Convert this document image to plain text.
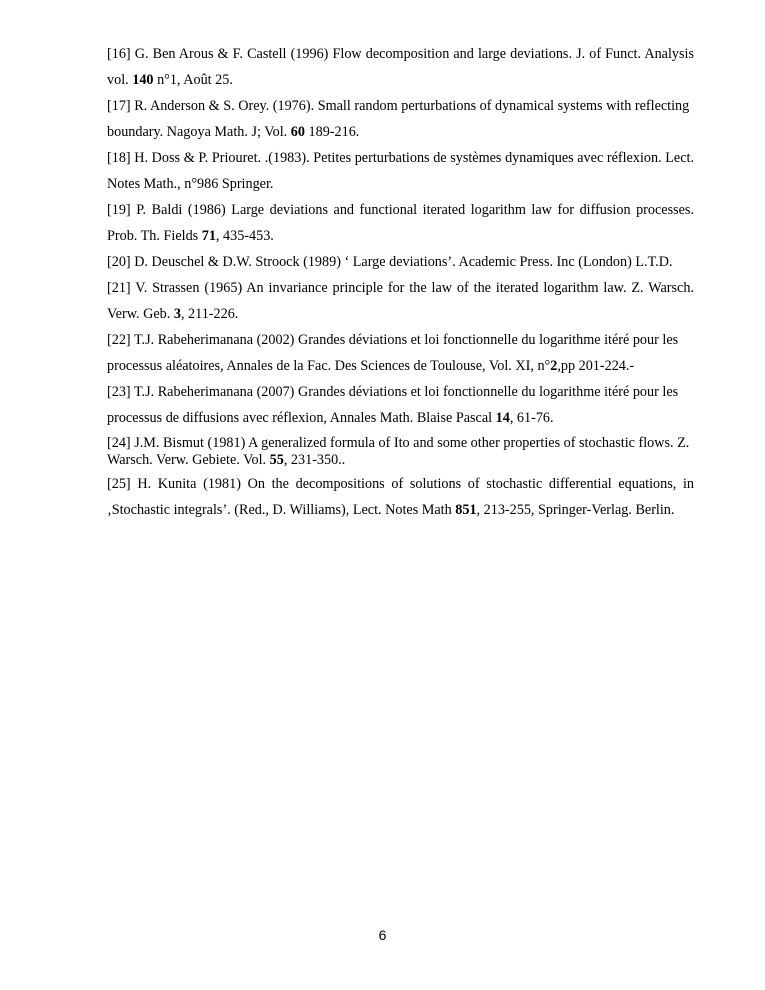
[16] G. Ben Arous & F. Castell (1996) Flow decomposition and large deviations. J. of Funct. Analysis vol. 140 n°1, Août 25.

[17] R. Anderson & S. Orey. (1976). Small random perturbations of dynamical systems with reflecting boundary. Nagoya Math. J; Vol. 60 189-216.

[18] H. Doss & P. Priouret. .(1983). Petites perturbations de systèmes dynamiques avec réflexion. Lect. Notes Math., n°986 Springer.

[19] P. Baldi (1986) Large deviations and functional iterated logarithm law for diffusion processes. Prob. Th. Fields 71, 435-453.

[20] D. Deuschel & D.W. Stroock (1989) ‘ Large deviations’. Academic Press. Inc (London) L.T.D.

[21] V. Strassen (1965) An invariance principle for the law of the iterated logarithm law. Z. Warsch. Verw. Geb. 3, 211-226.

[22] T.J. Rabeherimanana (2002) Grandes déviations et loi fonctionnelle du logarithme itéré pour les processus aléatoires, Annales de la Fac. Des Sciences de Toulouse, Vol. XI, n°2,pp 201-224.-

[23] T.J. Rabeherimanana (2007) Grandes déviations et loi fonctionnelle du logarithme itéré pour les processus de diffusions avec réflexion, Annales Math. Blaise Pascal 14, 61-76.

[24] J.M. Bismut (1981) A generalized formula of Ito and some other properties of stochastic flows. Z. Warsch. Verw. Gebiete. Vol. 55, 231-350..

[25] H. Kunita (1981) On the decompositions of solutions of stochastic differential equations, in ‚Stochastic integrals’. (Red., D. Williams), Lect. Notes Math 851, 213-255, Springer-Verlag. Berlin.

6
